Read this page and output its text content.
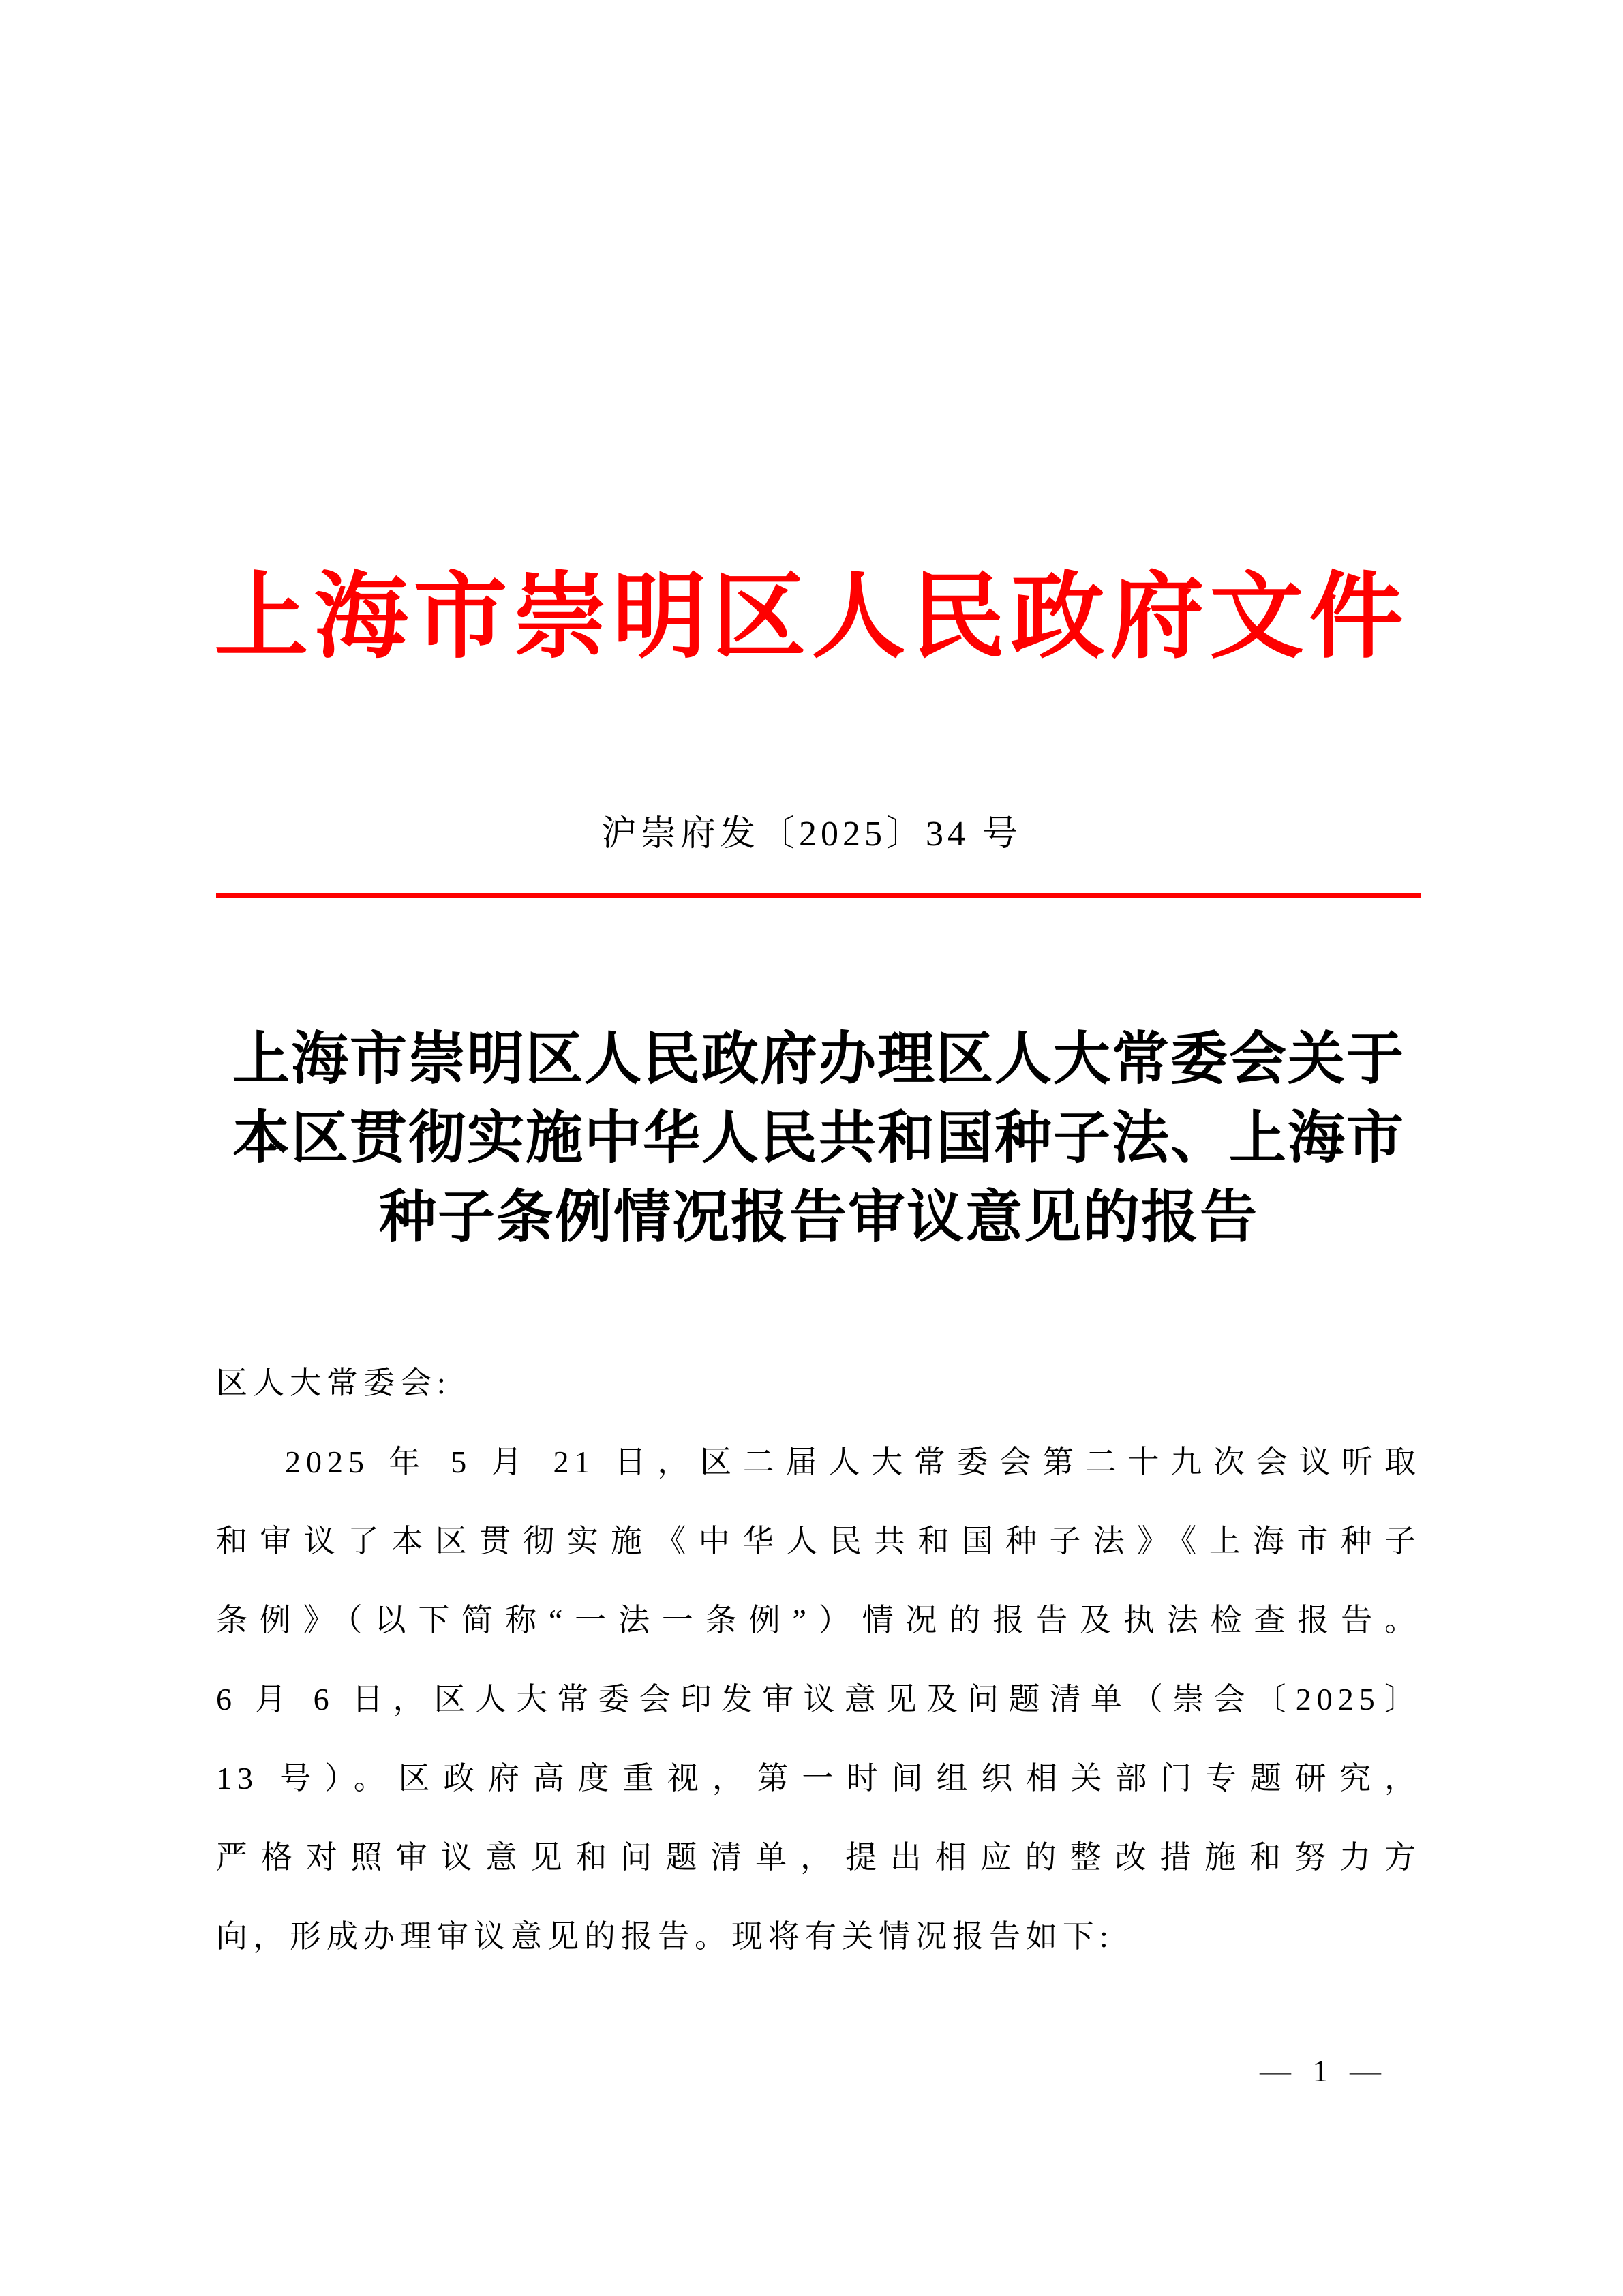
上海市崇明区人民政府文件
沪崇府发〔2025〕34 号
上海市崇明区人民政府办理区人大常委会关于
本区贯彻实施中华人民共和国种子法、上海市
种子条例情况报告审议意见的报告
区人大常委会:
2025 年 5 月 21 日，区二届人大常委会第二十九次会议听取
和审议了本区贯彻实施《中华人民共和国种子法》《上海市种子
条例》（以下简称“一法一条例”）情况的报告及执法检查报告。
6 月 6 日，区人大常委会印发审议意见及问题清单（崇会〔2025〕
13 号）。区政府高度重视，第一时间组织相关部门专题研究，
严格对照审议意见和问题清单，提出相应的整改措施和努力方
向，形成办理审议意见的报告。现将有关情况报告如下:
— 1 —
